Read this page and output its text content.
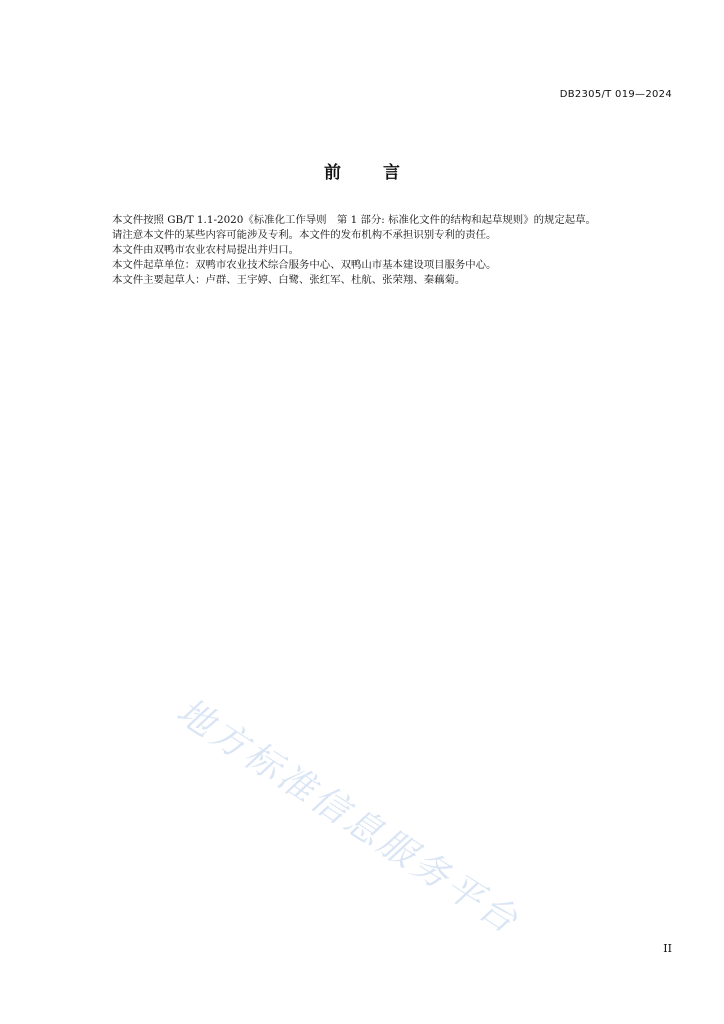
DB2305/T 019—2024
前 言

本文件按照 GB/T 1.1-2020《标准化工作导则　第 1 部分: 标准化文件的结构和起草规则》的规定起草。

请注意本文件的某些内容可能涉及专利。本文件的发布机构不承担识别专利的责任。

本文件由双鸭市农业农村局提出并归口。

本文件起草单位：双鸭市农业技术综合服务中心、双鸭山市基本建设项目服务中心。

本文件主要起草人：卢群、王宇婷、白鹭、张红军、杜航、张荣翔、秦藕菊。

地方标准信息服务平台
II
